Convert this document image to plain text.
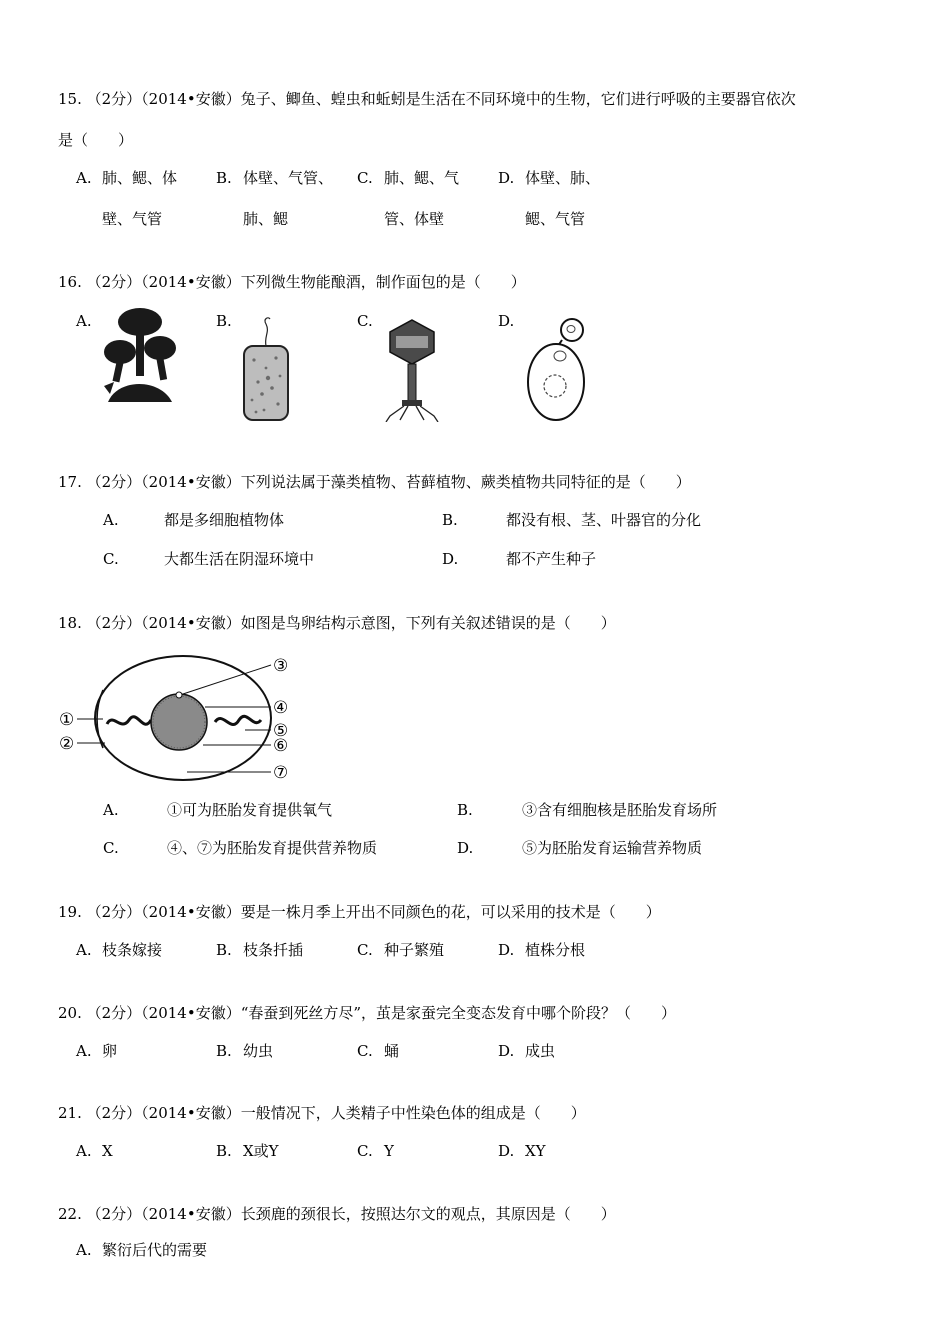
15. （2分）（2014•安徽）兔子、鲫鱼、蝗虫和蚯蚓是生活在不同环境中的生物，它们进行呼吸的主要器官依次
是（　　）
A. 肺、鳃、体
壁、气管
B. 体壁、气管、
肺、鳃
C. 肺、鳃、气
管、体壁
D. 体壁、肺、
鳃、气管
16. （2分）（2014•安徽）下列微生物能酿酒，制作面包的是（　　）
A.	B.	C.	D.
17. （2分）（2014•安徽）下列说法属于藻类植物、苔藓植物、蕨类植物共同特征的是（　　）
A.	都是多细胞植物体	B.	都没有根、茎、叶器官的分化
C.	大都生活在阴湿环境中	D.	都不产生种子
18. （2分）（2014•安徽）如图是鸟卵结构示意图，下列有关叙述错误的是（　　）
①
②
③
④
⑤
⑥
⑦
A.	①可为胚胎发育提供氧气	B.	③含有细胞核是胚胎发育场所
C.	④、⑦为胚胎发育提供营养物质	D.	⑤为胚胎发育运输营养物质
19. （2分）（2014•安徽）要是一株月季上开出不同颜色的花，可以采用的技术是（　　）
A. 枝条嫁接	B. 枝条扦插	C. 种子繁殖	D. 植株分根
20. （2分）（2014•安徽）“春蚕到死丝方尽”，茧是家蚕完全变态发育中哪个阶段？（　　）
A. 卵	B. 幼虫	C. 蛹	D. 成虫
21. （2分）（2014•安徽）一般情况下，人类精子中性染色体的组成是（　　）
A. X	B. X或Y	C. Y	D. XY
22. （2分）（2014•安徽）长颈鹿的颈很长，按照达尔文的观点，其原因是（　　）
A. 繁衍后代的需要
